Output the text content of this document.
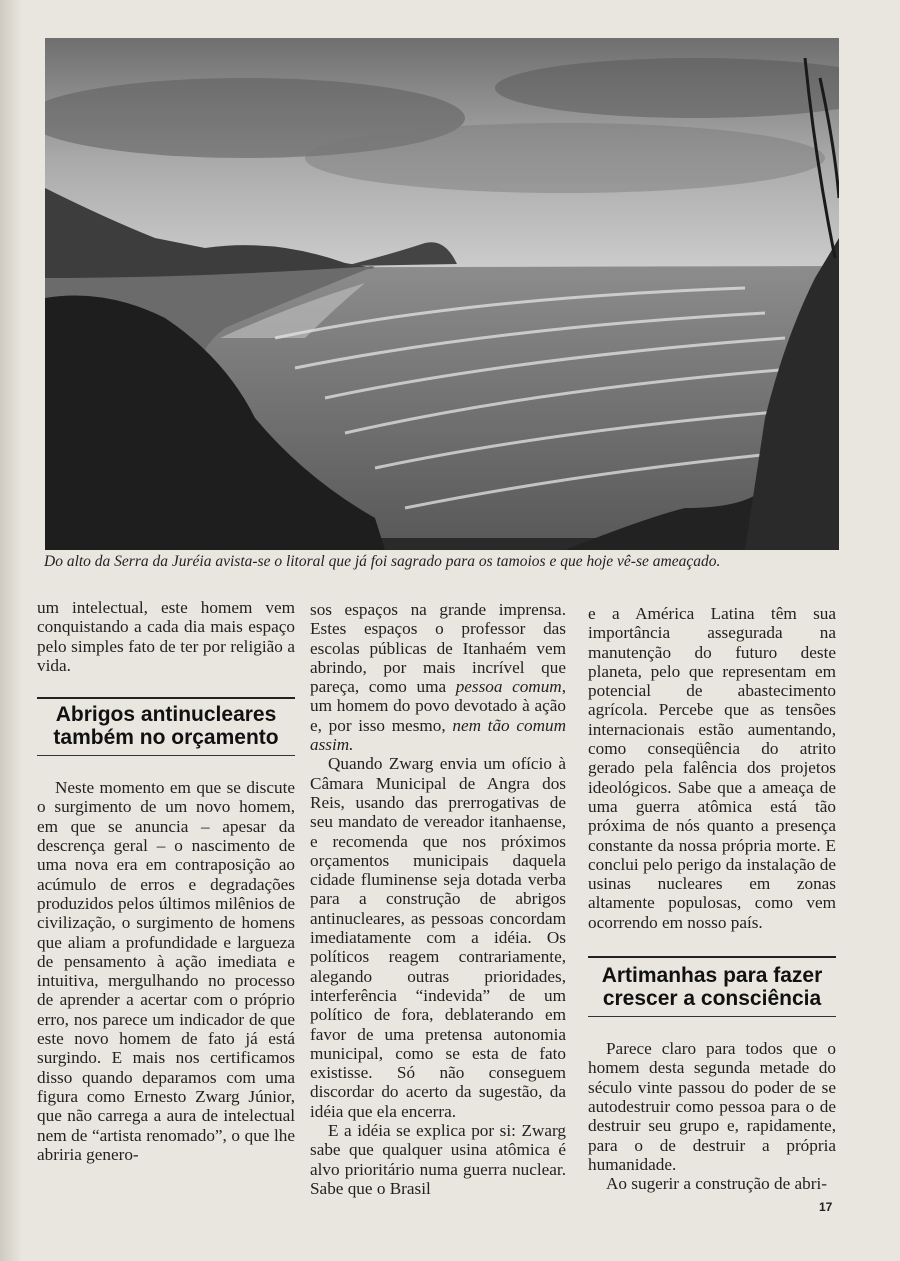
Do alto da Serra da Juréia avista-se o litoral que já foi sagrado para os tamoios e que hoje vê-se ameaçado.

um intelectual, este homem vem conquistando a cada dia mais espaço pelo simples fato de ter por religião a vida.

Abrigos antinucleares também no orçamento

Neste momento em que se discute o surgimento de um novo homem, em que se anuncia – apesar da descrença geral – o nascimento de uma nova era em contraposição ao acúmulo de erros e degradações produzidos pelos últimos milênios de civilização, o surgimento de homens que aliam a profundidade e largueza de pensamento à ação imediata e intuitiva, mergulhando no processo de aprender a acertar com o próprio erro, nos parece um indicador de que este novo homem de fato já está surgindo. E mais nos certificamos disso quando deparamos com uma figura como Ernesto Zwarg Júnior, que não carrega a aura de intelectual nem de “artista renomado”, o que lhe abriria genero-

sos espaços na grande imprensa. Estes espaços o professor das escolas públicas de Itanhaém vem abrindo, por mais incrível que pareça, como uma pessoa comum, um homem do povo devotado à ação e, por isso mesmo, nem tão comum assim.

Quando Zwarg envia um ofício à Câmara Municipal de Angra dos Reis, usando das prerrogativas de seu mandato de vereador itanhaense, e recomenda que nos próximos orçamentos municipais daquela cidade fluminense seja dotada verba para a construção de abrigos antinucleares, as pessoas concordam imediatamente com a idéia. Os políticos reagem contrariamente, alegando outras prioridades, interferência “indevida” de um político de fora, deblaterando em favor de uma pretensa autonomia municipal, como se esta de fato existisse. Só não conseguem discordar do acerto da sugestão, da idéia que ela encerra.

E a idéia se explica por si: Zwarg sabe que qualquer usina atômica é alvo prioritário numa guerra nuclear. Sabe que o Brasil

e a América Latina têm sua importância assegurada na manutenção do futuro deste planeta, pelo que representam em potencial de abastecimento agrícola. Percebe que as tensões internacionais estão aumentando, como conseqüência do atrito gerado pela falência dos projetos ideológicos. Sabe que a ameaça de uma guerra atômica está tão próxima de nós quanto a presença constante da nossa própria morte. E conclui pelo perigo da instalação de usinas nucleares em zonas altamente populosas, como vem ocorrendo em nosso país.

Artimanhas para fazer crescer a consciência

Parece claro para todos que o homem desta segunda metade do século vinte passou do poder de se autodestruir como pessoa para o de destruir seu grupo e, rapidamente, para o de destruir a própria humanidade.

Ao sugerir a construção de abri-

17
